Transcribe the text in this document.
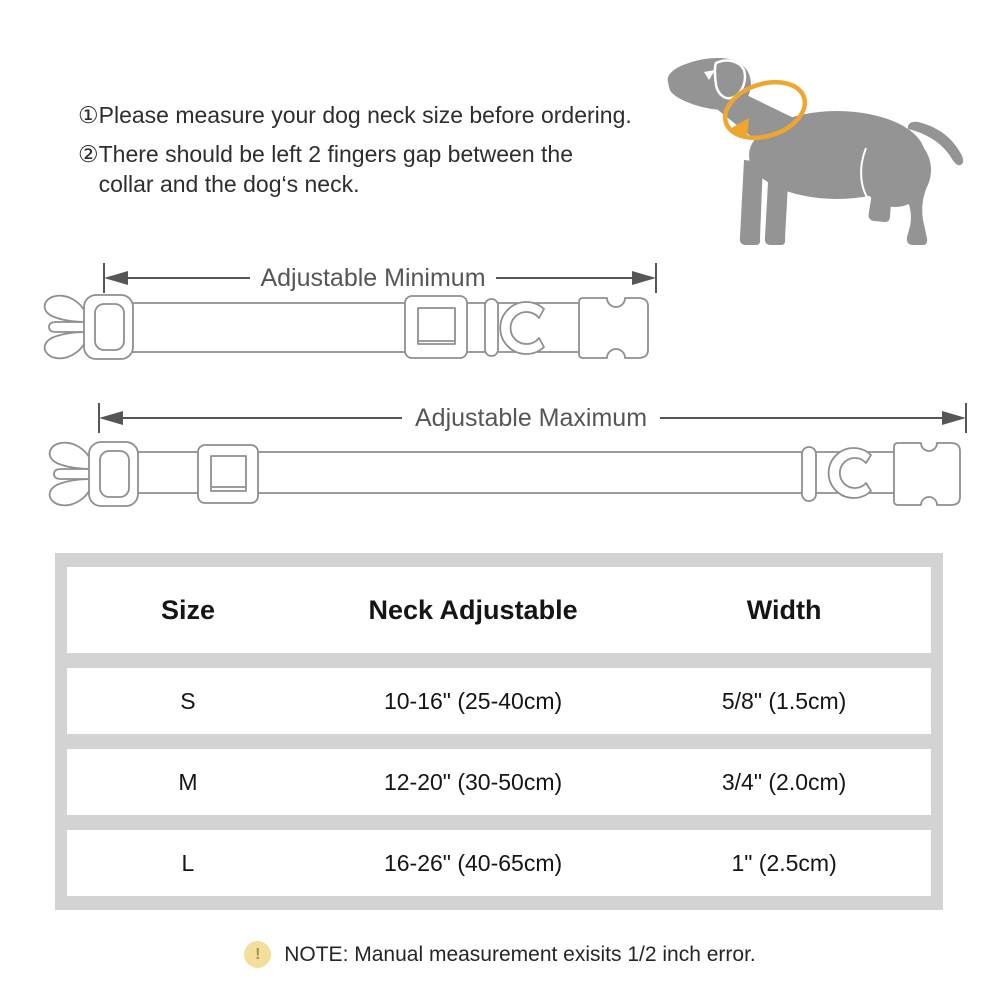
① Please measure your dog neck size before ordering.
② There should be left 2 fingers gap between the collar and the dog‘s neck.
Adjustable Minimum
Adjustable Maximum
Size	Neck Adjustable	Width
S	10-16" (25-40cm)	5/8" (1.5cm)
M	12-20" (30-50cm)	3/4" (2.0cm)
L	16-26" (40-65cm)	1" (2.5cm)
! NOTE: Manual measurement exisits 1/2 inch error.
